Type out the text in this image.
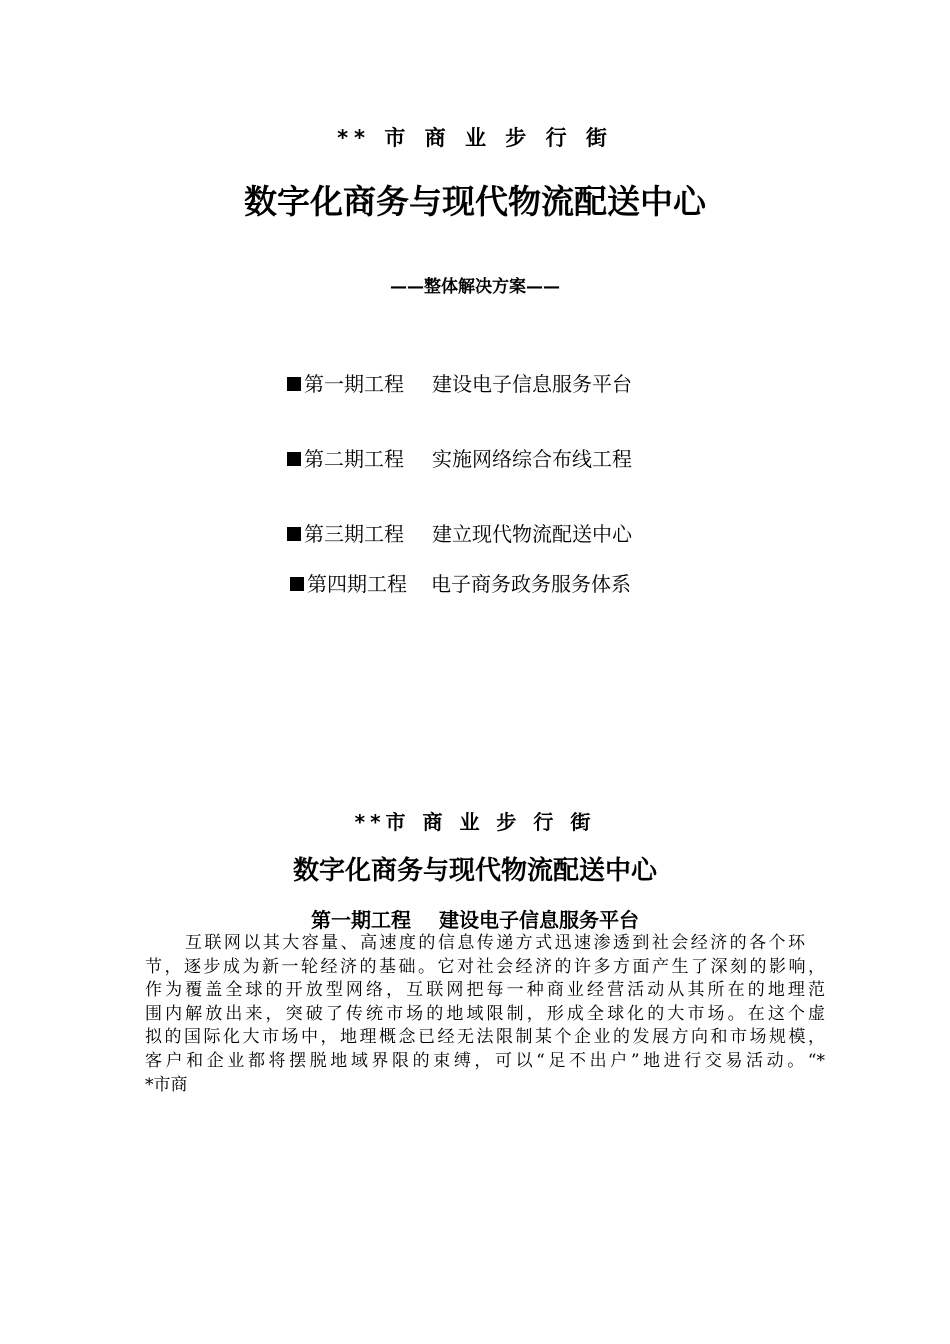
** 市 商 业 步 行 街
数字化商务与现代物流配送中心
——整体解决方案——
第一期工程 建设电子信息服务平台
第二期工程 实施网络综合布线工程
第三期工程 建立现代物流配送中心
第四期工程 电子商务政务服务体系
**市 商 业 步 行 街
数字化商务与现代物流配送中心
第一期工程 建设电子信息服务平台
互联网以其大容量、高速度的信息传递方式迅速渗透到社会经济的各个环
节，逐步成为新一轮经济的基础。它对社会经济的许多方面产生了深刻的影响，
作为覆盖全球的开放型网络，互联网把每一种商业经营活动从其所在的地理范
围内解放出来，突破了传统市场的地域限制，形成全球化的大市场。在这个虚
拟的国际化大市场中，地理概念已经无法限制某个企业的发展方向和市场规模，
客户和企业都将摆脱地域界限的束缚，可以“足不出户”地进行交易活动。“*
*市商
